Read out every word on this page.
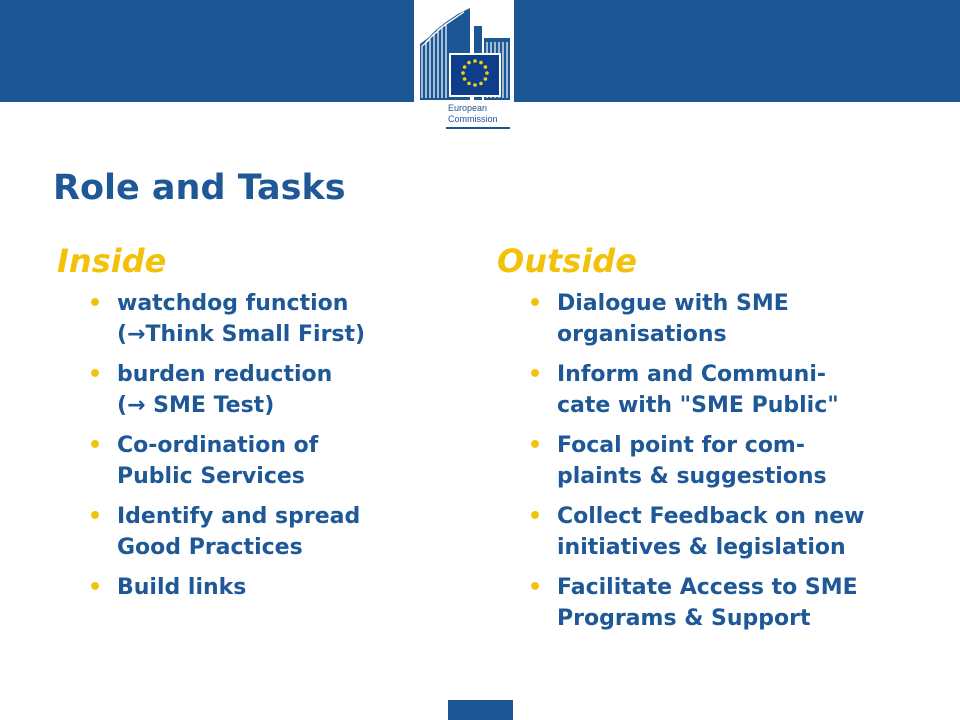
European
Commission
Role and Tasks
Inside
• watchdog function
(→Think Small First)
• burden reduction
(→ SME Test)
• Co-ordination of
Public Services
• Identify and spread
Good Practices
• Build links
Outside
• Dialogue with SME
organisations
• Inform and Communi-
cate with "SME Public"
• Focal point for com-
plaints & suggestions
• Collect Feedback on new
initiatives & legislation
• Facilitate Access to SME
Programs & Support
